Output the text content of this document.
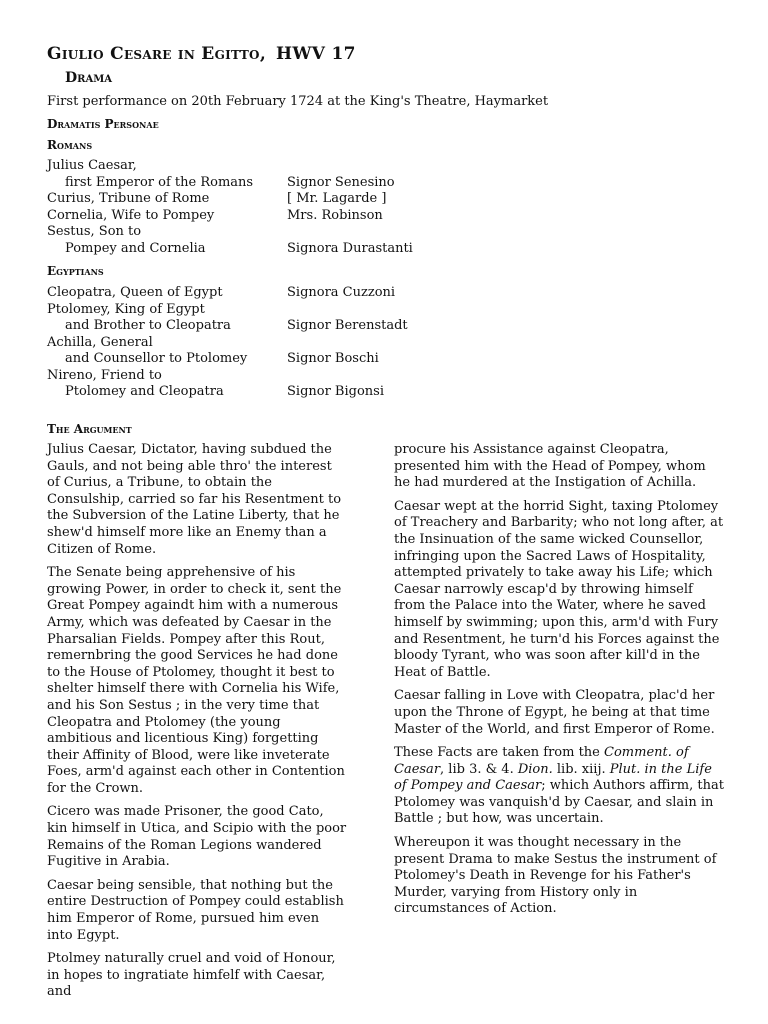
Giulio Cesare in Egitto, HWV 17
Drama
First performance on 20th February 1724 at the King's Theatre, Haymarket
Dramatis Personae
Romans
Julius Caesar,
first Emperor of the Romans	Signor Senesino
Curius, Tribune of Rome	[ Mr. Lagarde ]
Cornelia, Wife to Pompey	Mrs. Robinson
Sestus, Son to
Pompey and Cornelia	Signora Durastanti
Egyptians
Cleopatra, Queen of Egypt	Signora Cuzzoni
Ptolomey, King of Egypt
and Brother to Cleopatra	Signor Berenstadt
Achilla, General
and Counsellor to Ptolomey	Signor Boschi
Nireno, Friend to
Ptolomey and Cleopatra	Signor Bigonsi
The Argument

Julius Caesar, Dictator, having subdued the Gauls, and not being able thro' the interest of Curius, a Tribune, to obtain the Consulship, carried so far his Resentment to the Subversion of the Latine Liberty, that he shew'd himself more like an Enemy than a Citizen of Rome.

The Senate being apprehensive of his growing Power, in order to check it, sent the Great Pompey againdt him with a numerous Army, which was defeated by Caesar in the Pharsalian Fields. Pompey after this Rout, remernbring the good Services he had done to the House of Ptolomey, thought it best to shelter himself there with Cornelia his Wife, and his Son Sestus ; in the very time that Cleopatra and Ptolomey (the young ambitious and licentious King) forgetting their Affinity of Blood, were like inveterate Foes, arm'd against each other in Contention for the Crown.

Cicero was made Prisoner, the good Cato, kin himself in Utica, and Scipio with the poor Remains of the Roman Legions wandered Fugitive in Arabia.

Caesar being sensible, that nothing but the entire Destruction of Pompey could establish him Emperor of Rome, pursued him even into Egypt.

Ptolmey naturally cruel and void of Honour, in hopes to ingratiate himfelf with Caesar, and

procure his Assistance against Cleopatra, presented him with the Head of Pompey, whom he had murdered at the Instigation of Achilla.

Caesar wept at the horrid Sight, taxing Ptolomey of Treachery and Barbarity; who not long after, at the Insinuation of the same wicked Counsellor, infringing upon the Sacred Laws of Hospitality, attempted privately to take away his Life; which Caesar narrowly escap'd by throwing himself from the Palace into the Water, where he saved himself by swimming; upon this, arm'd with Fury and Resentment, he turn'd his Forces against the bloody Tyrant, who was soon after kill'd in the Heat of Battle.

Caesar falling in Love with Cleopatra, plac'd her upon the Throne of Egypt, he being at that time Master of the World, and first Emperor of Rome.

These Facts are taken from the Comment. of Caesar, lib 3. & 4. Dion. lib. xiij. Plut. in the Life of Pompey and Caesar; which Authors affirm, that Ptolomey was vanquish'd by Caesar, and slain in Battle ; but how, was uncertain.

Whereupon it was thought necessary in the present Drama to make Sestus the instrument of Ptolomey's Death in Revenge for his Father's Murder, varying from History only in circumstances of Action.
